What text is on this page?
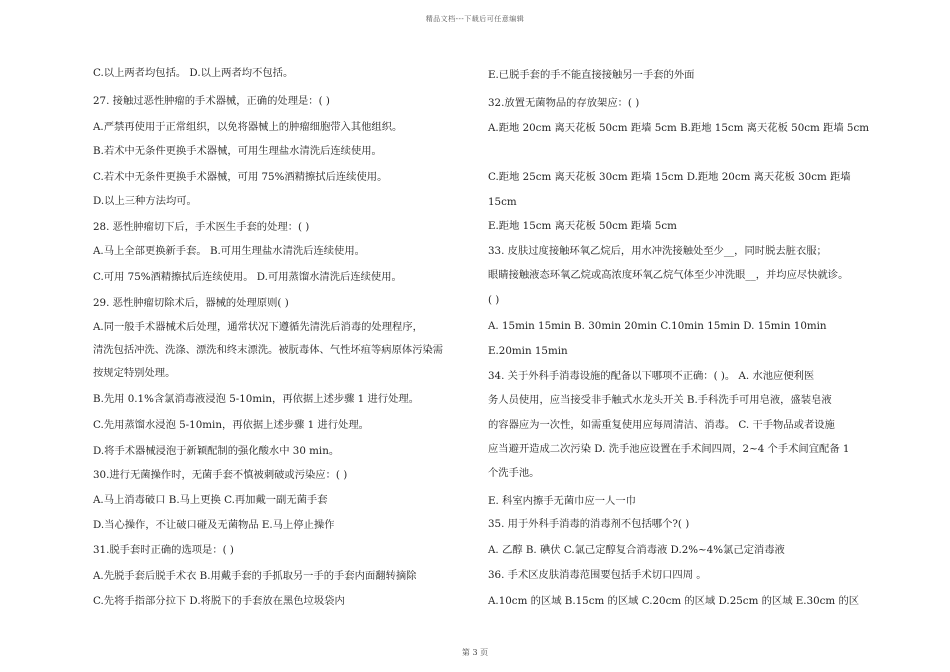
精品文档---下载后可任意编辑
C.以上两者均包括。 D.以上两者均不包括。
27. 接触过恶性肿瘤的手术器械，正确的处理是：( )
A.严禁再使用于正常组织，以免将器械上的肿瘤细胞带入其他组织。
B.若术中无条件更换手术器械，可用生理盐水清洗后连续使用。
C.若术中无条件更换手术器械，可用 75%酒精擦拭后连续使用。
D.以上三种方法均可。
28. 恶性肿瘤切下后，手术医生手套的处理：( )
A.马上全部更换新手套。 B.可用生理盐水清洗后连续使用。
C.可用 75%酒精擦拭后连续使用。 D.可用蒸馏水清洗后连续使用。
29. 恶性肿瘤切除术后，器械的处理原则( )
A.同一般手术器械术后处理，通常状况下遵循先清洗后消毒的处理程序，
清洗包括冲洗、洗涤、漂洗和终末漂洗。被朊毒体、气性坏疽等病原体污染需
按规定特别处理。
B.先用 0.1%含氯消毒液浸泡 5-10min，再依据上述步骤 1 进行处理。
C.先用蒸馏水浸泡 5-10min，再依据上述步骤 1 进行处理。
D.将手术器械浸泡于新颖配制的强化酸水中 30 min。
30.进行无菌操作时，无菌手套不慎被刺破或污染应：( )
A.马上消毒破口 B.马上更换 C.再加戴一副无菌手套
D.当心操作，不让破口碰及无菌物品 E.马上停止操作
31.脱手套时正确的选项是：( )
A.先脱手套后脱手术衣 B.用戴手套的手抓取另一手的手套内面翻转摘除
C.先将手指部分拉下 D.将脱下的手套放在黑色垃圾袋内
E.已脱手套的手不能直接接触另一手套的外面
32.放置无菌物品的存放架应：( )
A.距地 20cm 离天花板 50cm 距墙 5cm B.距地 15cm 离天花板 50cm 距墙 5cm
C.距地 25cm 离天花板 30cm 距墙 15cm D.距地 20cm 离天花板 30cm 距墙
15cm
E.距地 15cm 离天花板 50cm 距墙 5cm
33. 皮肤过度接触环氧乙烷后，用水冲洗接触处至少__，同时脱去脏衣服；
眼睛接触液态环氧乙烷或高浓度环氧乙烷气体至少冲洗眼__，并均应尽快就诊。
( )
A. 15min 15min B. 30min 20min C.10min 15min D. 15min 10min
E.20min 15min
34. 关于外科手消毒设施的配备以下哪项不正确：( )。 A. 水池应便利医
务人员使用，应当接受非手触式水龙头开关 B.手科洗手可用皂液，盛装皂液
的容器应为一次性，如需重复使用应每周清洁、消毒。 C. 干手物品或者设施
应当避开造成二次污染 D. 洗手池应设置在手术间四周，2~4 个手术间宜配备 1
个洗手池。
E. 科室内擦手无菌巾应一人一巾
35. 用于外科手消毒的消毒剂不包括哪个?( )
A. 乙醇 B. 碘伏 C.氯己定醇复合消毒液 D.2%~4%氯己定消毒液
36. 手术区皮肤消毒范围要包括手术切口四周 。
A.10cm 的区域 B.15cm 的区域 C.20cm 的区域 D.25cm 的区域 E.30cm 的区
第 3 页
